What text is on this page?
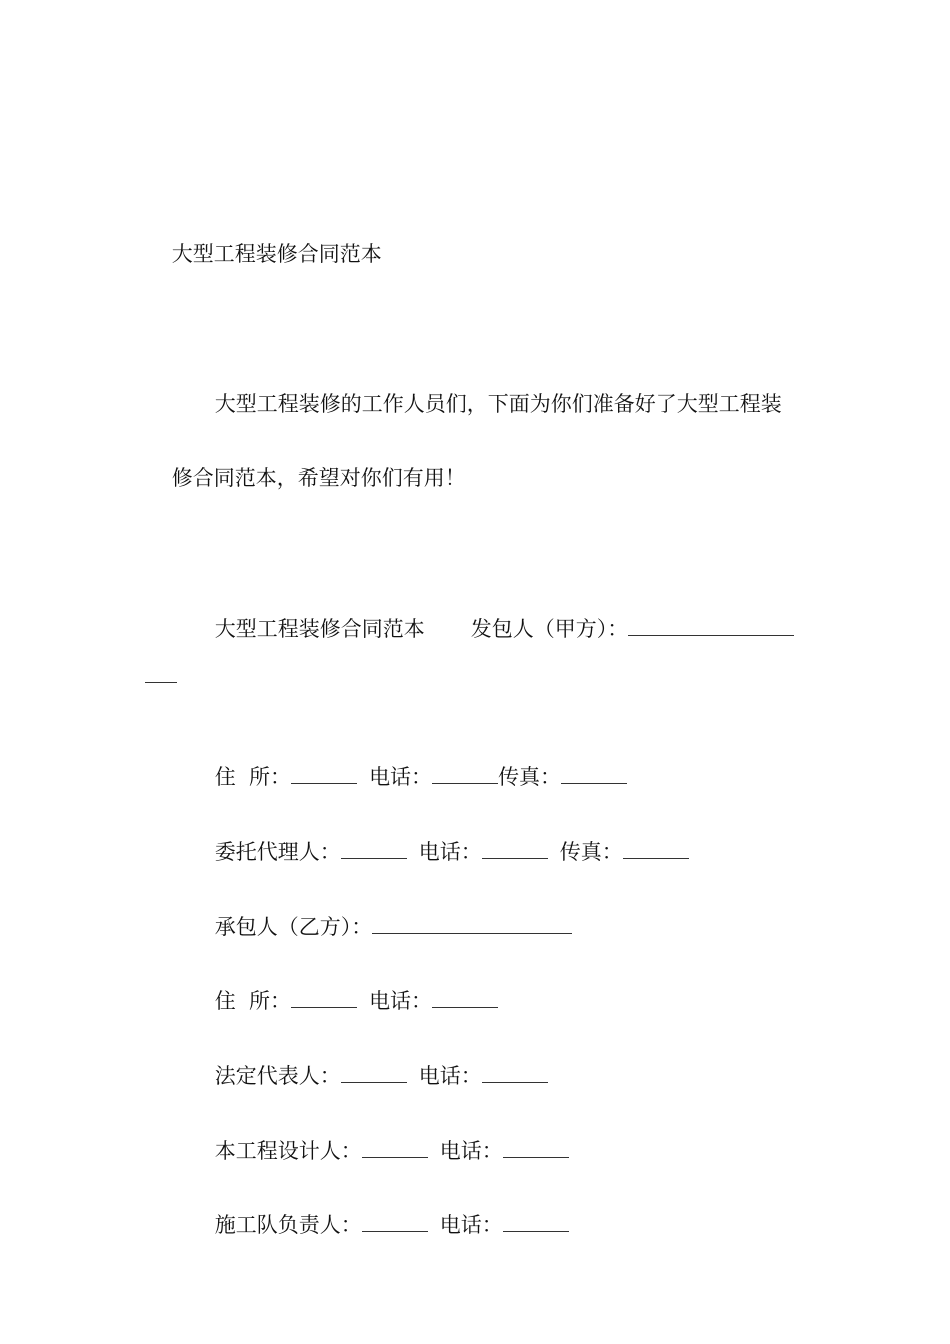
大型工程装修合同范本

大型工程装修的工作人员们，下面为你们准备好了大型工程装

修合同范本，希望对你们有用！

大型工程装修合同范本 发包人（甲方）：

住  所：	电话：	传真：

委托代理人：	电话：	传真：

承包人（乙方）：

住  所：	电话：

法定代表人：	电话：

本工程设计人：	电话：

施工队负责人：	电话：
